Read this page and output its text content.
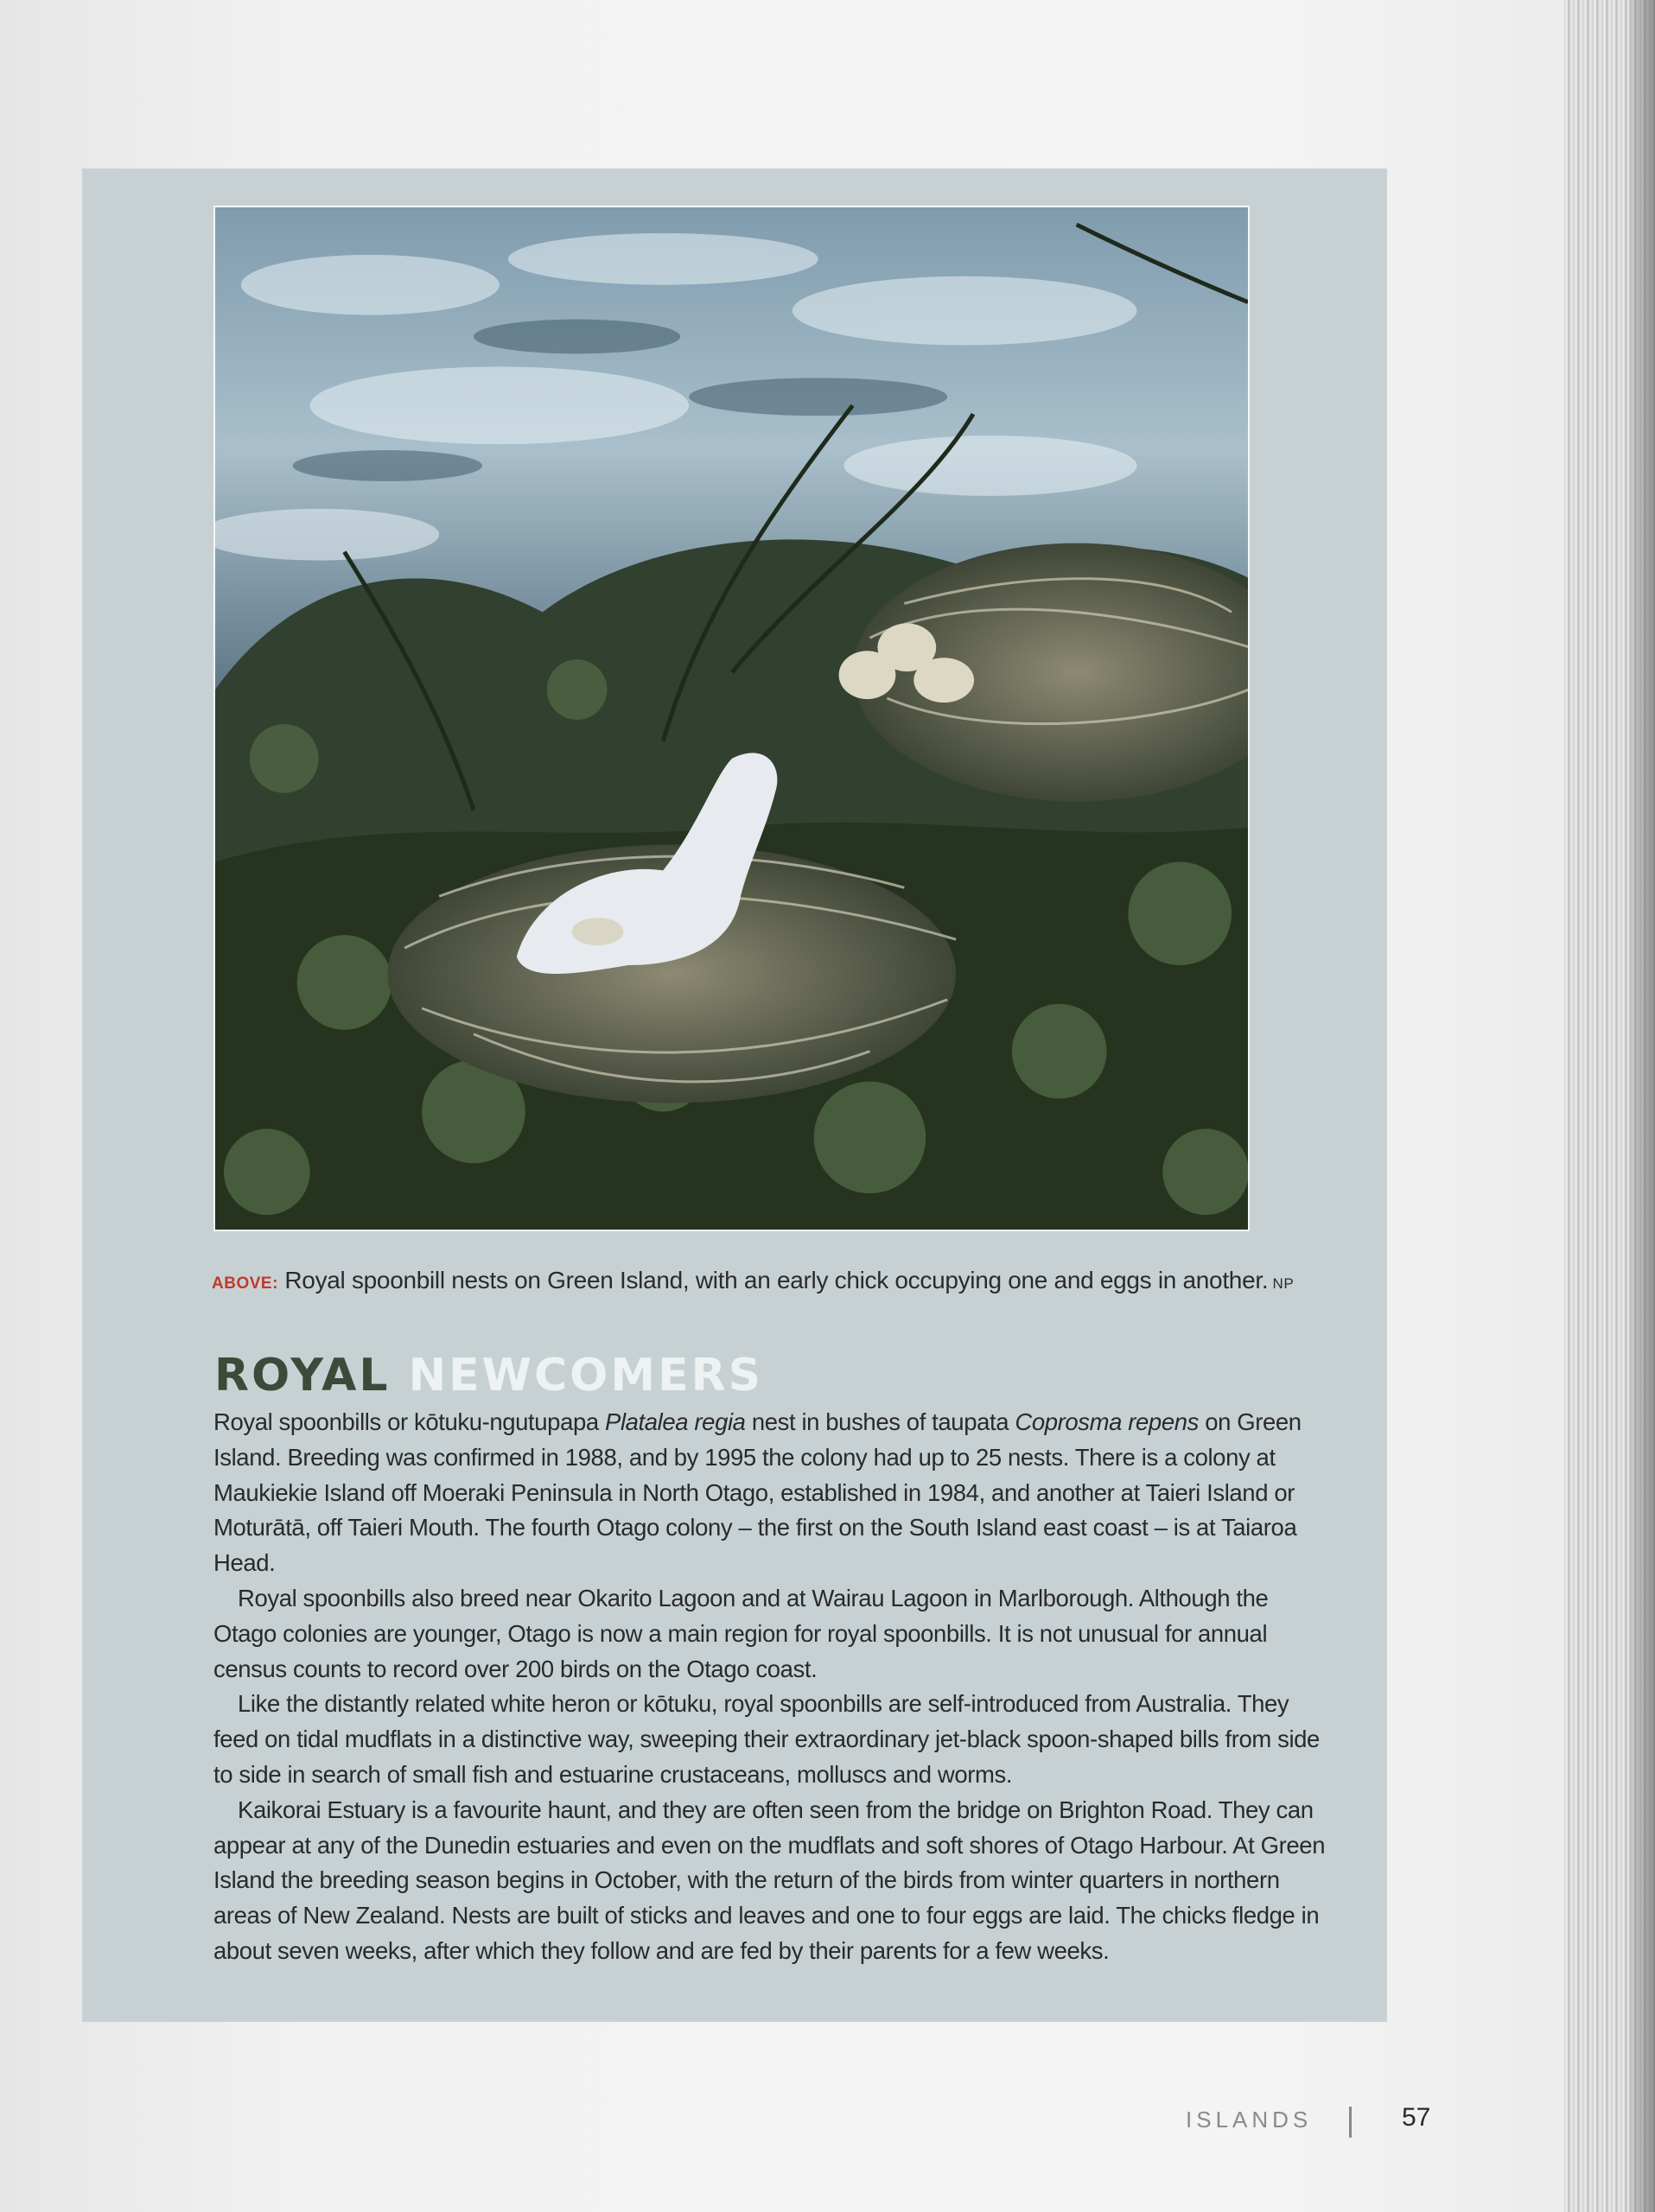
ABOVE: Royal spoonbill nests on Green Island, with an early chick occupying one and eggs in another. NP
ROYAL NEWCOMERS

Royal spoonbills or kōtuku-ngutupapa Platalea regia nest in bushes of taupata Coprosma repens on Green Island. Breeding was confirmed in 1988, and by 1995 the colony had up to 25 nests. There is a colony at Maukiekie Island off Moeraki Peninsula in North Otago, established in 1984, and another at Taieri Island or Moturātā, off Taieri Mouth. The fourth Otago colony – the first on the South Island east coast – is at Taiaroa Head.

Royal spoonbills also breed near Okarito Lagoon and at Wairau Lagoon in Marlborough. Although the Otago colonies are younger, Otago is now a main region for royal spoonbills. It is not unusual for annual census counts to record over 200 birds on the Otago coast.

Like the distantly related white heron or kōtuku, royal spoonbills are self-introduced from Australia. They feed on tidal mudflats in a distinctive way, sweeping their extraordinary jet-black spoon-shaped bills from side to side in search of small fish and estuarine crustaceans, molluscs and worms.

Kaikorai Estuary is a favourite haunt, and they are often seen from the bridge on Brighton Road. They can appear at any of the Dunedin estuaries and even on the mudflats and soft shores of Otago Harbour. At Green Island the breeding season begins in October, with the return of the birds from winter quarters in northern areas of New Zealand. Nests are built of sticks and leaves and one to four eggs are laid. The chicks fledge in about seven weeks, after which they follow and are fed by their parents for a few weeks.

ISLANDS	57
